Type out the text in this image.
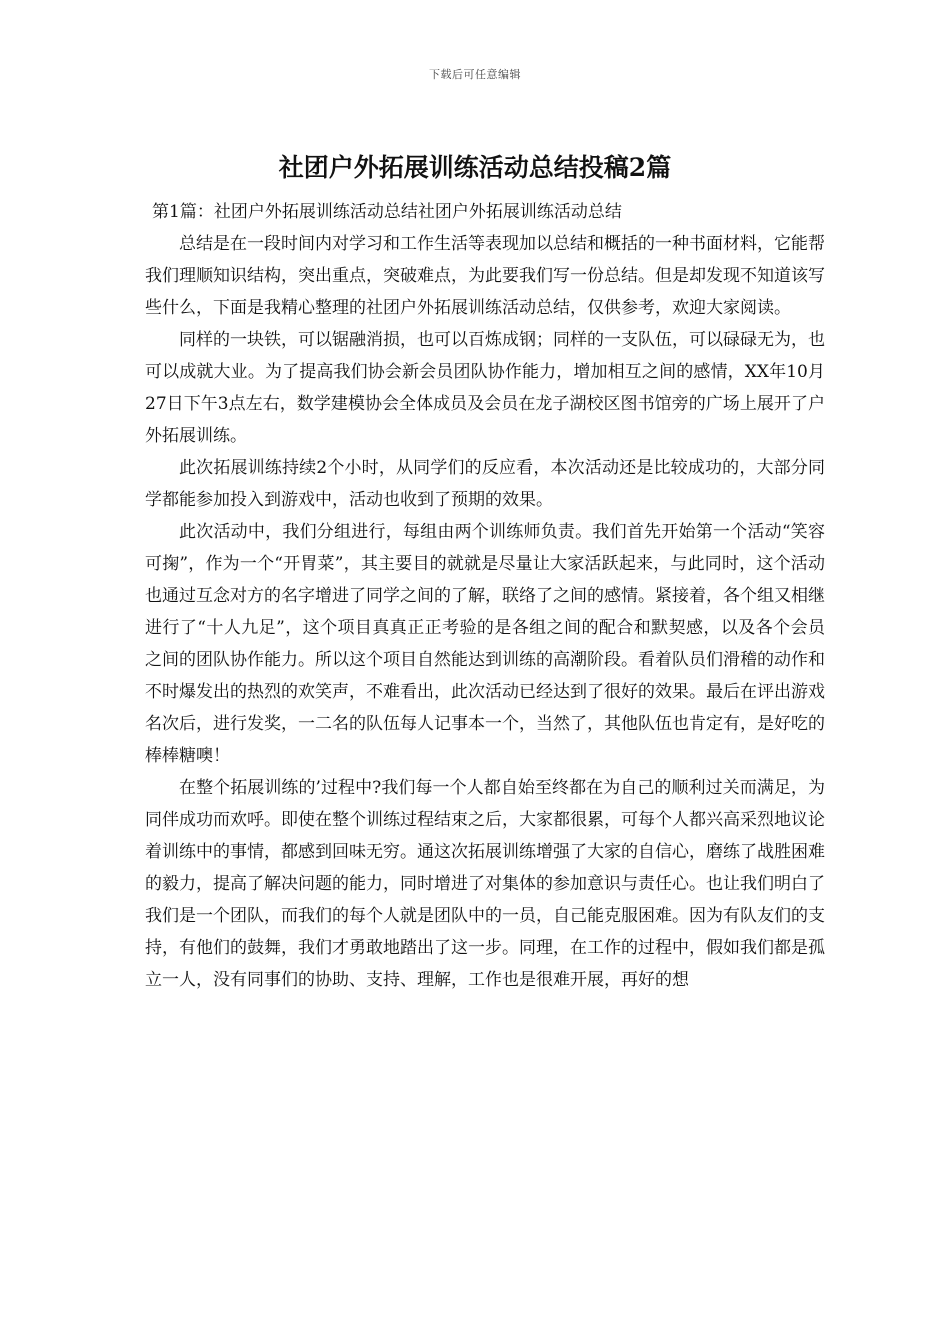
下载后可任意编辑
社团户外拓展训练活动总结投稿2篇

第1篇：社团户外拓展训练活动总结社团户外拓展训练活动总结

总结是在一段时间内对学习和工作生活等表现加以总结和概括的一种书面材料，它能帮我们理顺知识结构，突出重点，突破难点，为此要我们写一份总结。但是却发现不知道该写些什么，下面是我精心整理的社团户外拓展训练活动总结，仅供参考，欢迎大家阅读。

同样的一块铁，可以锯融消损，也可以百炼成钢；同样的一支队伍，可以碌碌无为，也可以成就大业。为了提高我们协会新会员团队协作能力，增加相互之间的感情，XX年10月27日下午3点左右，数学建模协会全体成员及会员在龙子湖校区图书馆旁的广场上展开了户外拓展训练。

此次拓展训练持续2个小时，从同学们的反应看，本次活动还是比较成功的，大部分同学都能参加投入到游戏中，活动也收到了预期的效果。

此次活动中，我们分组进行，每组由两个训练师负责。我们首先开始第一个活动“笑容可掬”，作为一个“开胃菜”，其主要目的就就是尽量让大家活跃起来，与此同时，这个活动也通过互念对方的名字增进了同学之间的了解，联络了之间的感情。紧接着，各个组又相继进行了“十人九足”，这个项目真真正正考验的是各组之间的配合和默契感，以及各个会员之间的团队协作能力。所以这个项目自然能达到训练的高潮阶段。看着队员们滑稽的动作和不时爆发出的热烈的欢笑声，不难看出，此次活动已经达到了很好的效果。最后在评出游戏名次后，进行发奖，一二名的队伍每人记事本一个，当然了，其他队伍也肯定有，是好吃的棒棒糖噢！

在整个拓展训练的’过程中?我们每一个人都自始至终都在为自己的顺利过关而满足，为同伴成功而欢呼。即使在整个训练过程结束之后，大家都很累，可每个人都兴高采烈地议论着训练中的事情，都感到回味无穷。通这次拓展训练增强了大家的自信心，磨练了战胜困难的毅力，提高了解决问题的能力，同时增进了对集体的参加意识与责任心。也让我们明白了我们是一个团队，而我们的每个人就是团队中的一员，自己能克服困难。因为有队友们的支持，有他们的鼓舞，我们才勇敢地踏出了这一步。同理，在工作的过程中，假如我们都是孤立一人，没有同事们的协助、支持、理解，工作也是很难开展，再好的想
